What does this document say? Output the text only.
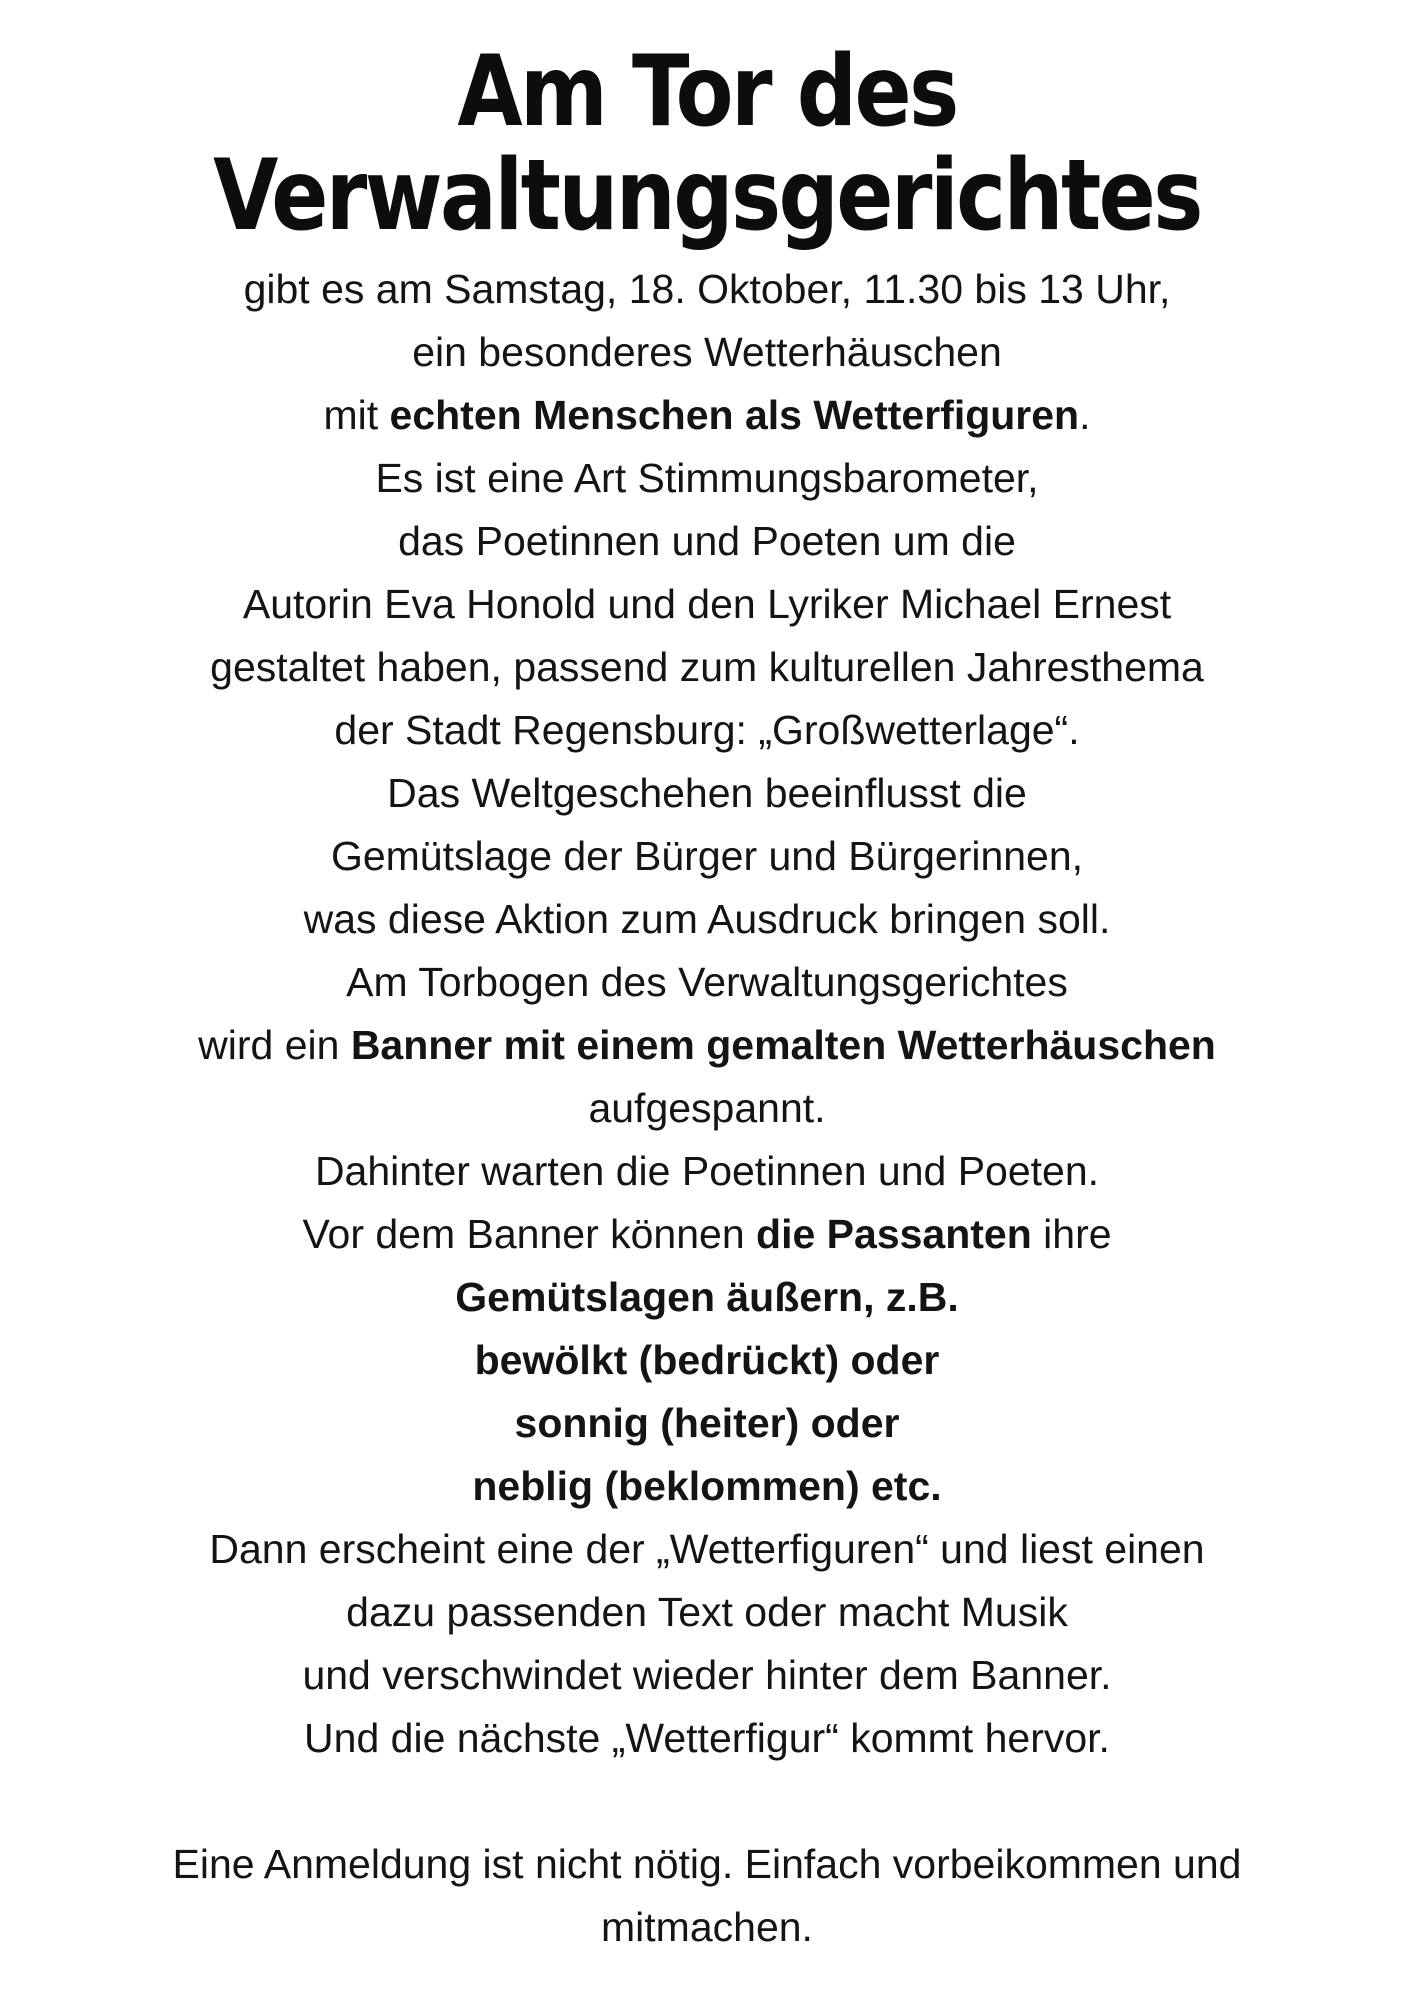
Am Tor des
Verwaltungsgerichtes
gibt es am Samstag, 18. Oktober, 11.30 bis 13 Uhr,
ein besonderes Wetterhäuschen
mit echten Menschen als Wetterfiguren.
Es ist eine Art Stimmungsbarometer,
das Poetinnen und Poeten um die
Autorin Eva Honold und den Lyriker Michael Ernest
gestaltet haben, passend zum kulturellen Jahresthema
der Stadt Regensburg: „Großwetterlage“.
Das Weltgeschehen beeinflusst die
Gemütslage der Bürger und Bürgerinnen,
was diese Aktion zum Ausdruck bringen soll.
Am Torbogen des Verwaltungsgerichtes
wird ein Banner mit einem gemalten Wetterhäuschen
aufgespannt.
Dahinter warten die Poetinnen und Poeten.
Vor dem Banner können die Passanten ihre
Gemütslagen äußern, z.B.
bewölkt (bedrückt) oder
sonnig (heiter) oder
neblig (beklommen) etc.
Dann erscheint eine der „Wetterfiguren“ und liest einen
dazu passenden Text oder macht Musik
und verschwindet wieder hinter dem Banner.
Und die nächste „Wetterfigur“ kommt hervor.
Eine Anmeldung ist nicht nötig. Einfach vorbeikommen und
mitmachen.
